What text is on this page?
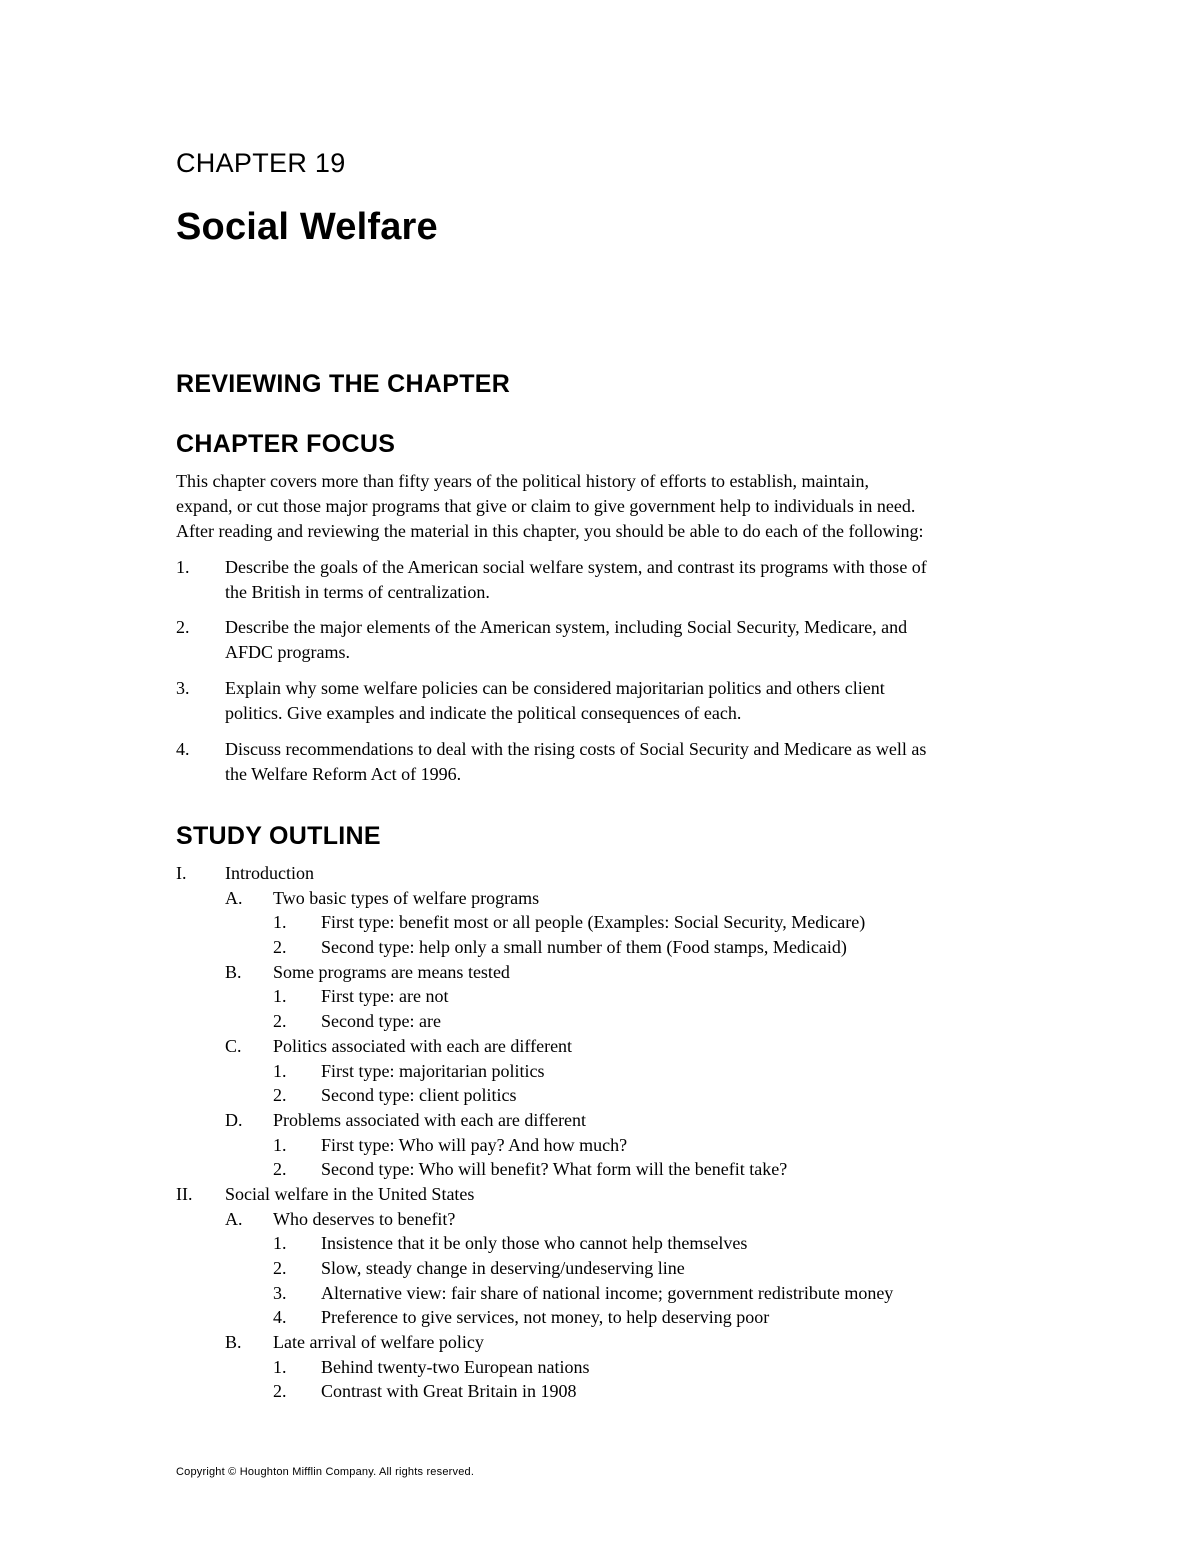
CHAPTER 19
Social Welfare
REVIEWING THE CHAPTER
CHAPTER FOCUS
This chapter covers more than fifty years of the political history of efforts to establish, maintain,
expand, or cut those major programs that give or claim to give government help to individuals in need.
After reading and reviewing the material in this chapter, you should be able to do each of the following:
1. Describe the goals of the American social welfare system, and contrast its programs with those of
the British in terms of centralization.
2. Describe the major elements of the American system, including Social Security, Medicare, and
AFDC programs.
3. Explain why some welfare policies can be considered majoritarian politics and others client
politics. Give examples and indicate the political consequences of each.
4. Discuss recommendations to deal with the rising costs of Social Security and Medicare as well as
the Welfare Reform Act of 1996.
STUDY OUTLINE
I. Introduction
A. Two basic types of welfare programs
1. First type: benefit most or all people (Examples: Social Security, Medicare)
2. Second type: help only a small number of them (Food stamps, Medicaid)
B. Some programs are means tested
1. First type: are not
2. Second type: are
C. Politics associated with each are different
1. First type: majoritarian politics
2. Second type: client politics
D. Problems associated with each are different
1. First type: Who will pay? And how much?
2. Second type: Who will benefit? What form will the benefit take?
II. Social welfare in the United States
A. Who deserves to benefit?
1. Insistence that it be only those who cannot help themselves
2. Slow, steady change in deserving/undeserving line
3. Alternative view: fair share of national income; government redistribute money
4. Preference to give services, not money, to help deserving poor
B. Late arrival of welfare policy
1. Behind twenty-two European nations
2. Contrast with Great Britain in 1908
Copyright © Houghton Mifflin Company. All rights reserved.
